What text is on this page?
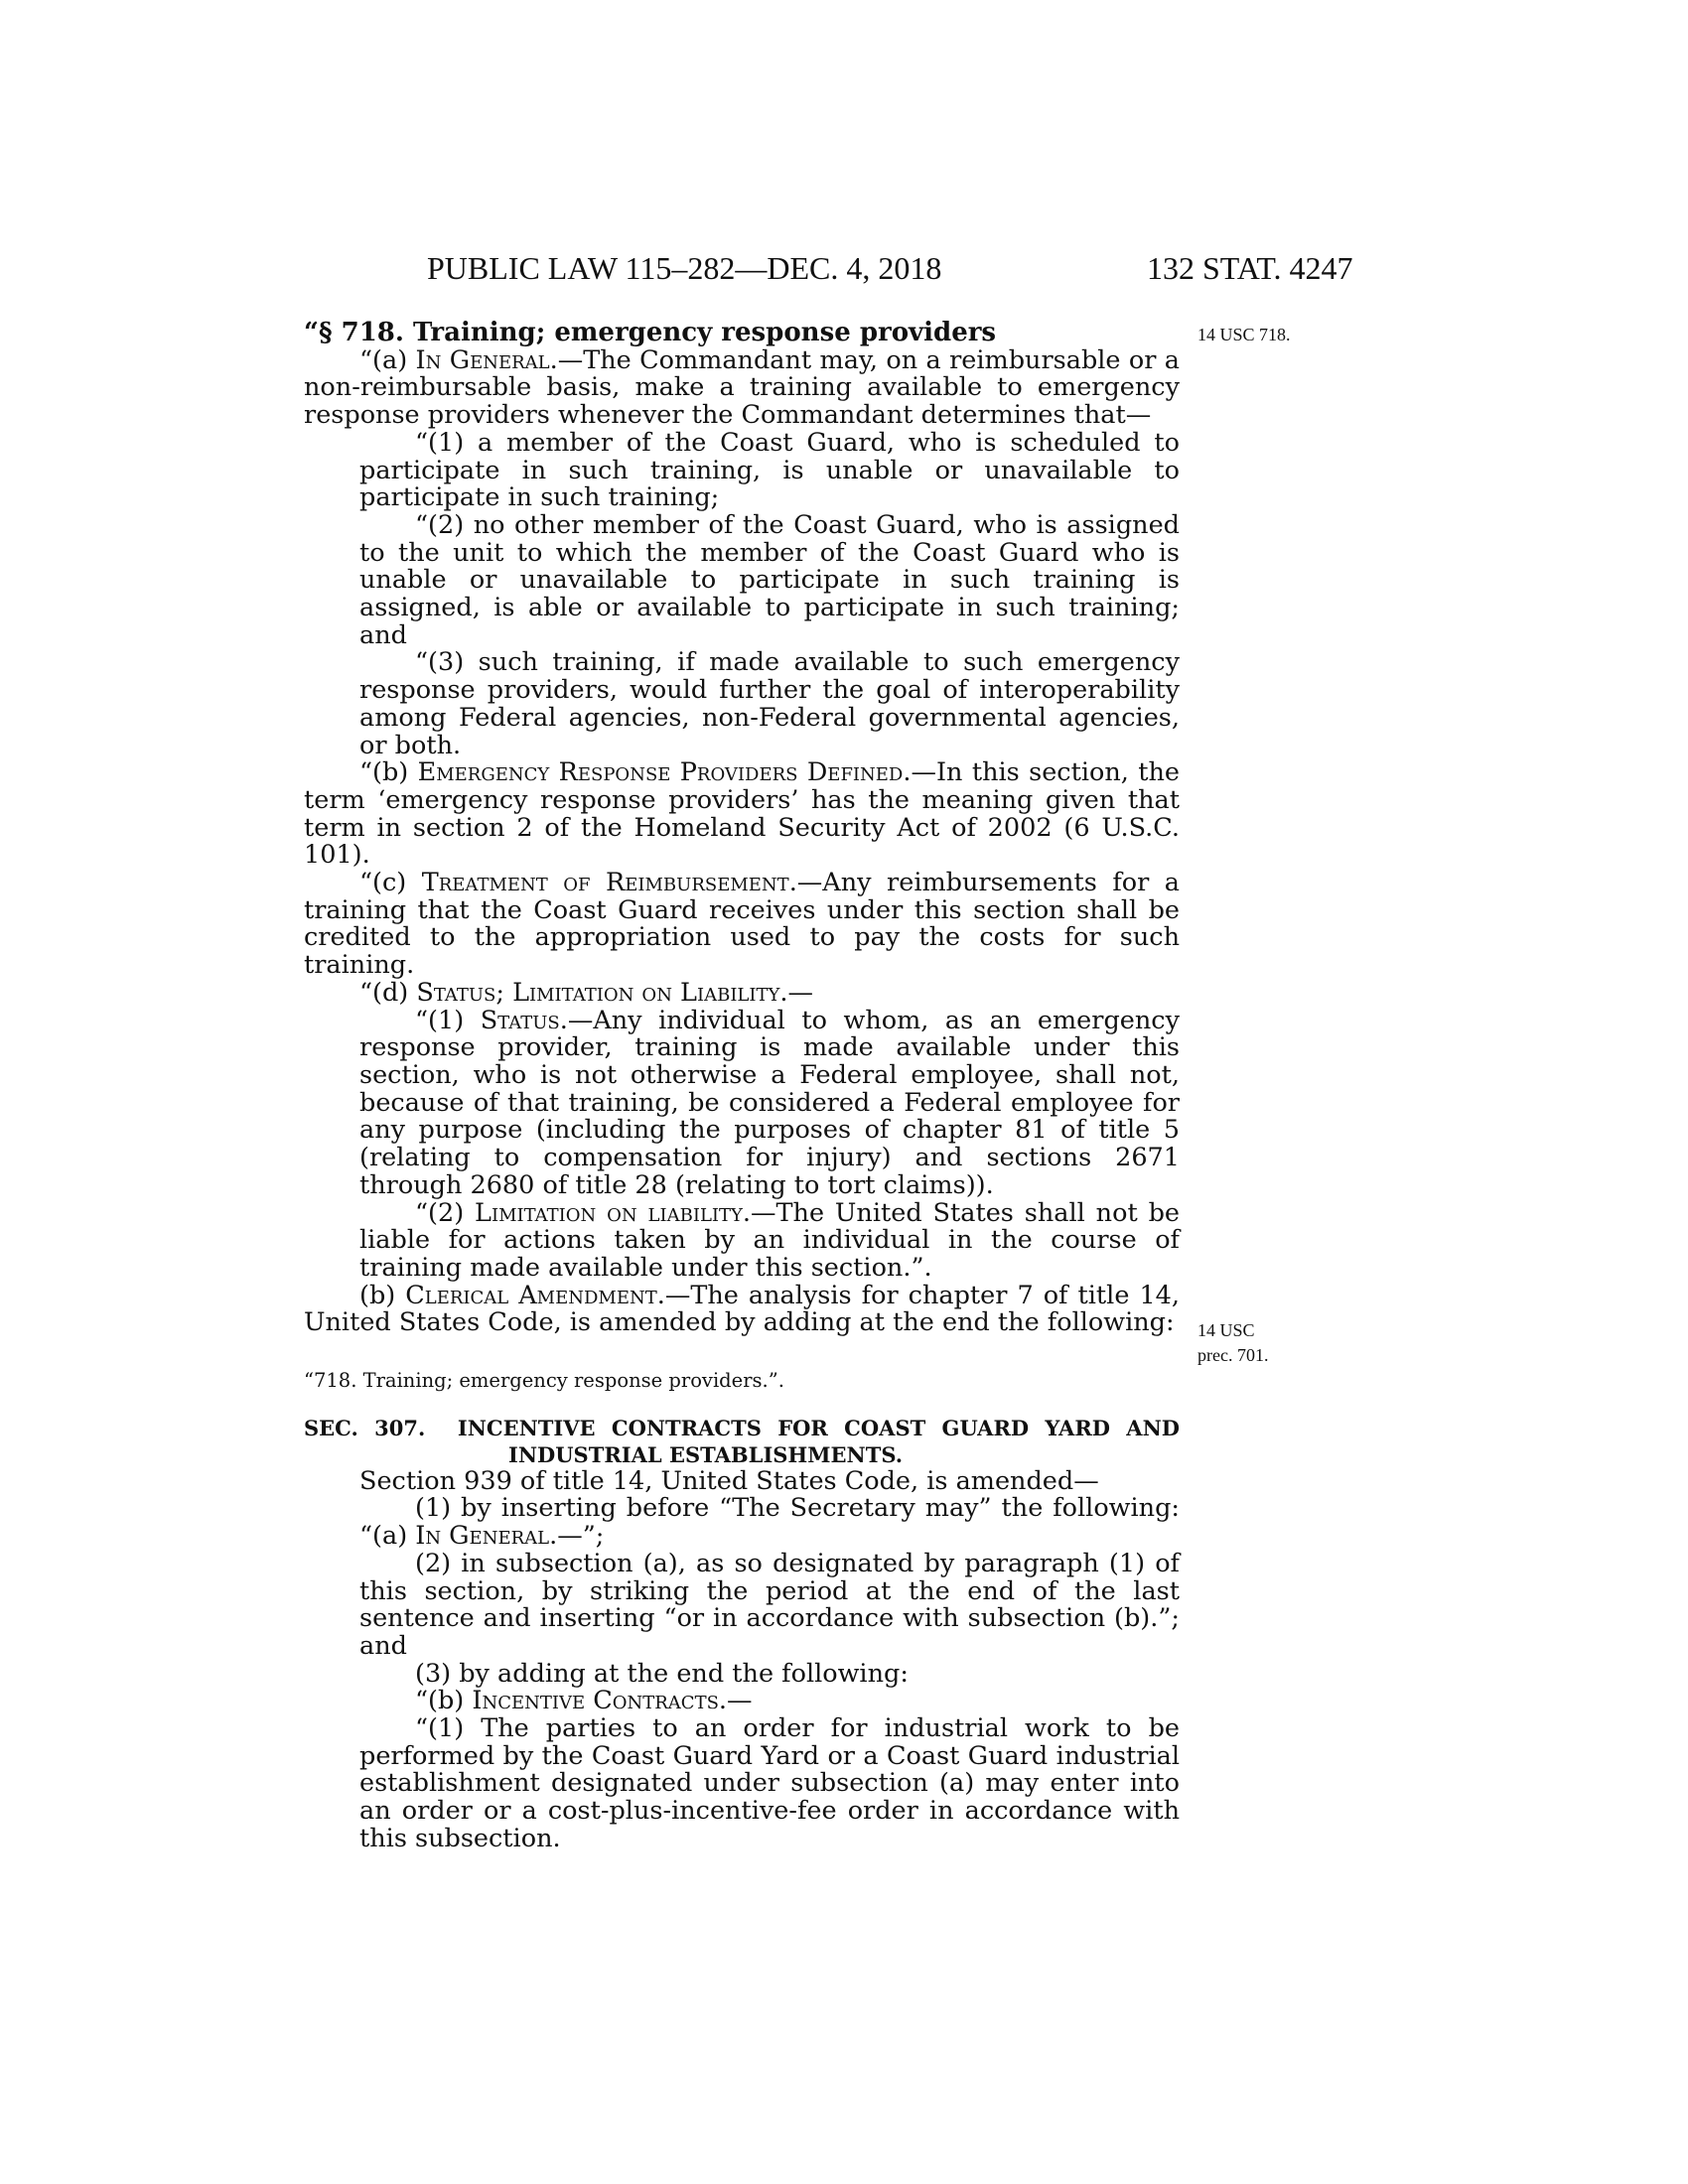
PUBLIC LAW 115–282—DEC. 4, 2018	132 STAT. 4247
14 USC 718.
14 USC
prec. 701.

“§ 718. Training; emergency response providers

“(a) In General.—The Commandant may, on a reimbursable or a non-reimbursable basis, make a training available to emergency response providers whenever the Commandant determines that—

“(1) a member of the Coast Guard, who is scheduled to participate in such training, is unable or unavailable to participate in such training;

“(2) no other member of the Coast Guard, who is assigned to the unit to which the member of the Coast Guard who is unable or unavailable to participate in such training is assigned, is able or available to participate in such training; and

“(3) such training, if made available to such emergency response providers, would further the goal of interoperability among Federal agencies, non-Federal governmental agencies, or both.

“(b) Emergency Response Providers Defined.—In this section, the term ‘emergency response providers’ has the meaning given that term in section 2 of the Homeland Security Act of 2002 (6 U.S.C. 101).

“(c) Treatment of Reimbursement.—Any reimbursements for a training that the Coast Guard receives under this section shall be credited to the appropriation used to pay the costs for such training.

“(d) Status; Limitation on Liability.—

“(1) Status.—Any individual to whom, as an emergency response provider, training is made available under this section, who is not otherwise a Federal employee, shall not, because of that training, be considered a Federal employee for any purpose (including the purposes of chapter 81 of title 5 (relating to compensation for injury) and sections 2671 through 2680 of title 28 (relating to tort claims)).

“(2) Limitation on liability.—The United States shall not be liable for actions taken by an individual in the course of training made available under this section.”.

(b) Clerical Amendment.—The analysis for chapter 7 of title 14, United States Code, is amended by adding at the end the following:

“718. Training; emergency response providers.”.

SEC. 307. INCENTIVE CONTRACTS FOR COAST GUARD YARD AND INDUSTRIAL ESTABLISHMENTS.

Section 939 of title 14, United States Code, is amended—

(1) by inserting before “The Secretary may” the following: “(a) In General.—”;

(2) in subsection (a), as so designated by paragraph (1) of this section, by striking the period at the end of the last sentence and inserting “or in accordance with subsection (b).”; and

(3) by adding at the end the following:

“(b) Incentive Contracts.—

“(1) The parties to an order for industrial work to be performed by the Coast Guard Yard or a Coast Guard industrial establishment designated under subsection (a) may enter into an order or a cost-plus-incentive-fee order in accordance with this subsection.
